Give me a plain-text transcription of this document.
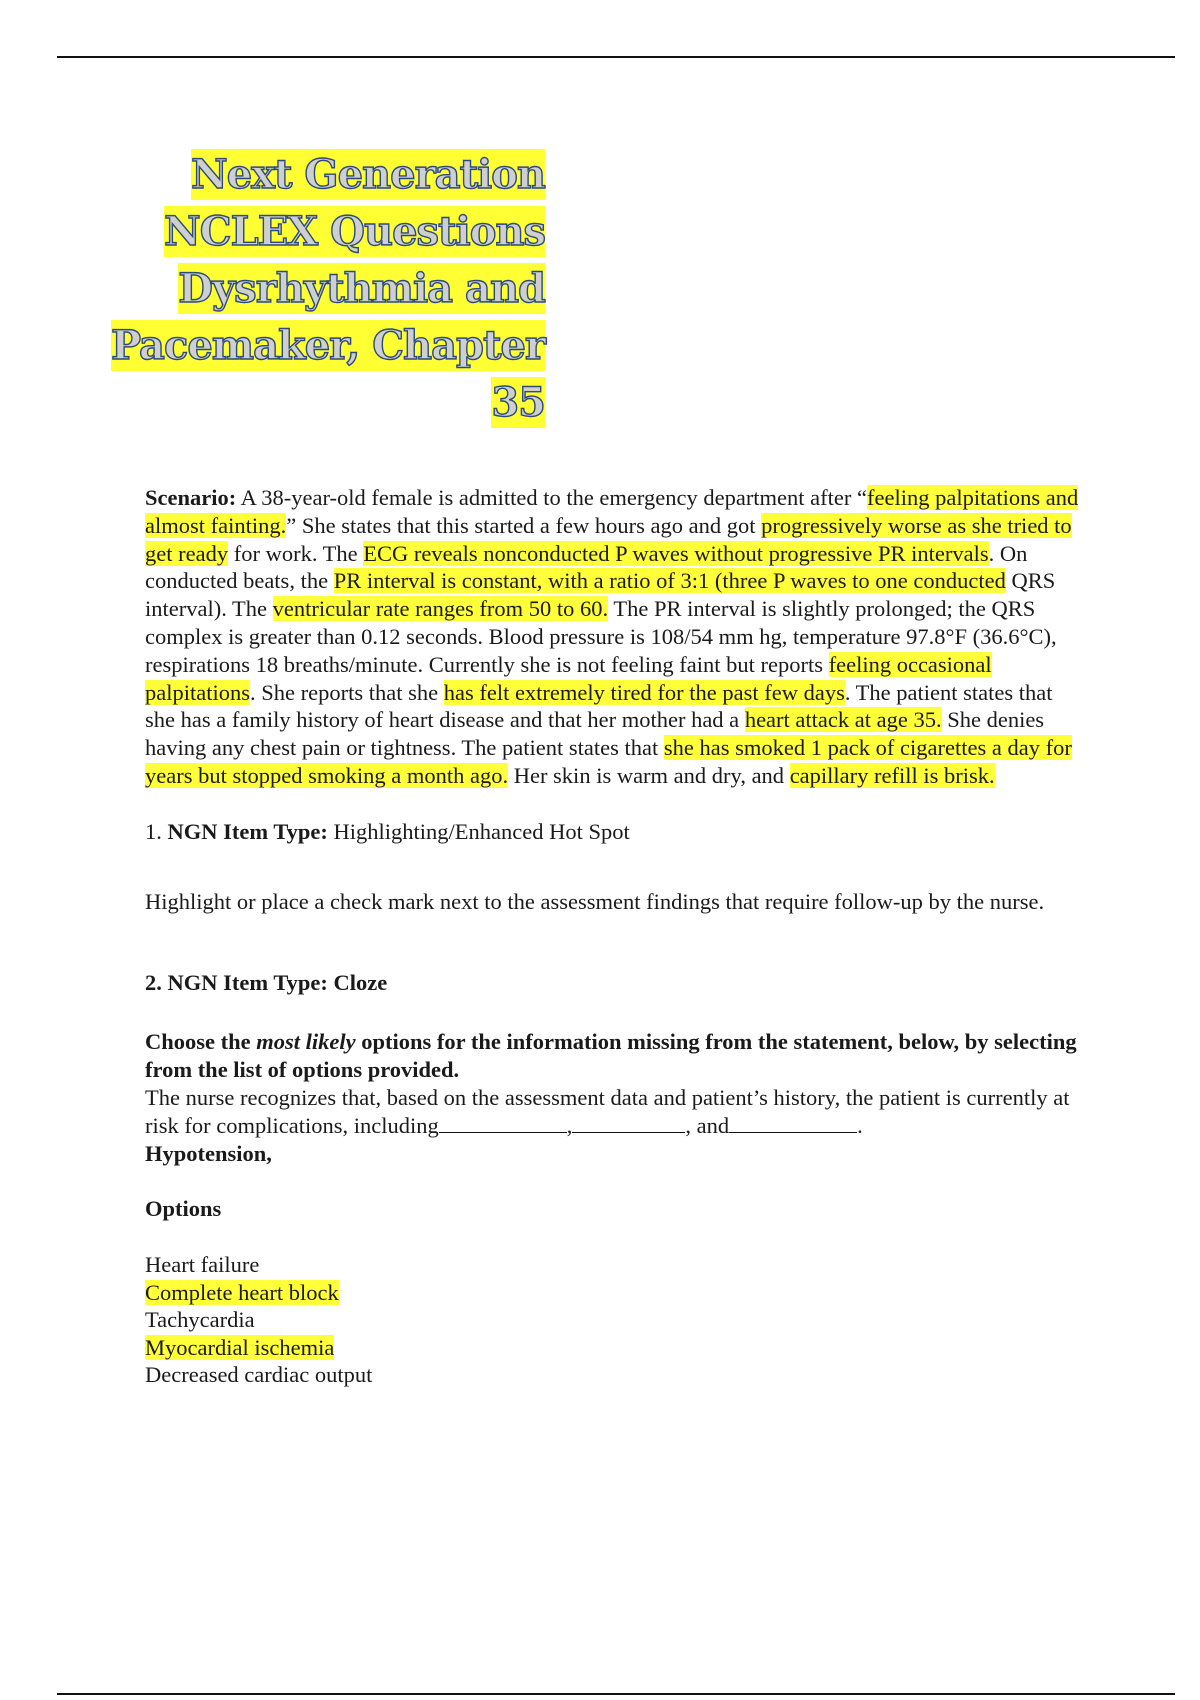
Next Generation
NCLEX Questions
Dysrhythmia and
Pacemaker, Chapter
35

Scenario: A 38-year-old female is admitted to the emergency department after “feeling palpitations and almost fainting.” She states that this started a few hours ago and got progressively worse as she tried to get ready for work. The ECG reveals nonconducted P waves without progressive PR intervals. On conducted beats, the PR interval is constant, with a ratio of 3:1 (three P waves to one conducted QRS interval). The ventricular rate ranges from 50 to 60. The PR interval is slightly prolonged; the QRS complex is greater than 0.12 seconds. Blood pressure is 108/54 mm hg, temperature 97.8°F (36.6°C), respirations 18 breaths/minute. Currently she is not feeling faint but reports feeling occasional palpitations. She reports that she has felt extremely tired for the past few days. The patient states that she has a family history of heart disease and that her mother had a heart attack at age 35. She denies having any chest pain or tightness. The patient states that she has smoked 1 pack of cigarettes a day for years but stopped smoking a month ago. Her skin is warm and dry, and capillary refill is brisk.

1. NGN Item Type: Highlighting/Enhanced Hot Spot
Highlight or place a check mark next to the assessment findings that require follow-up by the nurse.
2. NGN Item Type: Cloze
Choose the most likely options for the information missing from the statement, below, by selecting from the list of options provided.
The nurse recognizes that, based on the assessment data and patient’s history, the patient is currently at risk for complications, including	,	, and	.
Hypotension,
Options
Heart failure
Complete heart block
Tachycardia
Myocardial ischemia
Decreased cardiac output
